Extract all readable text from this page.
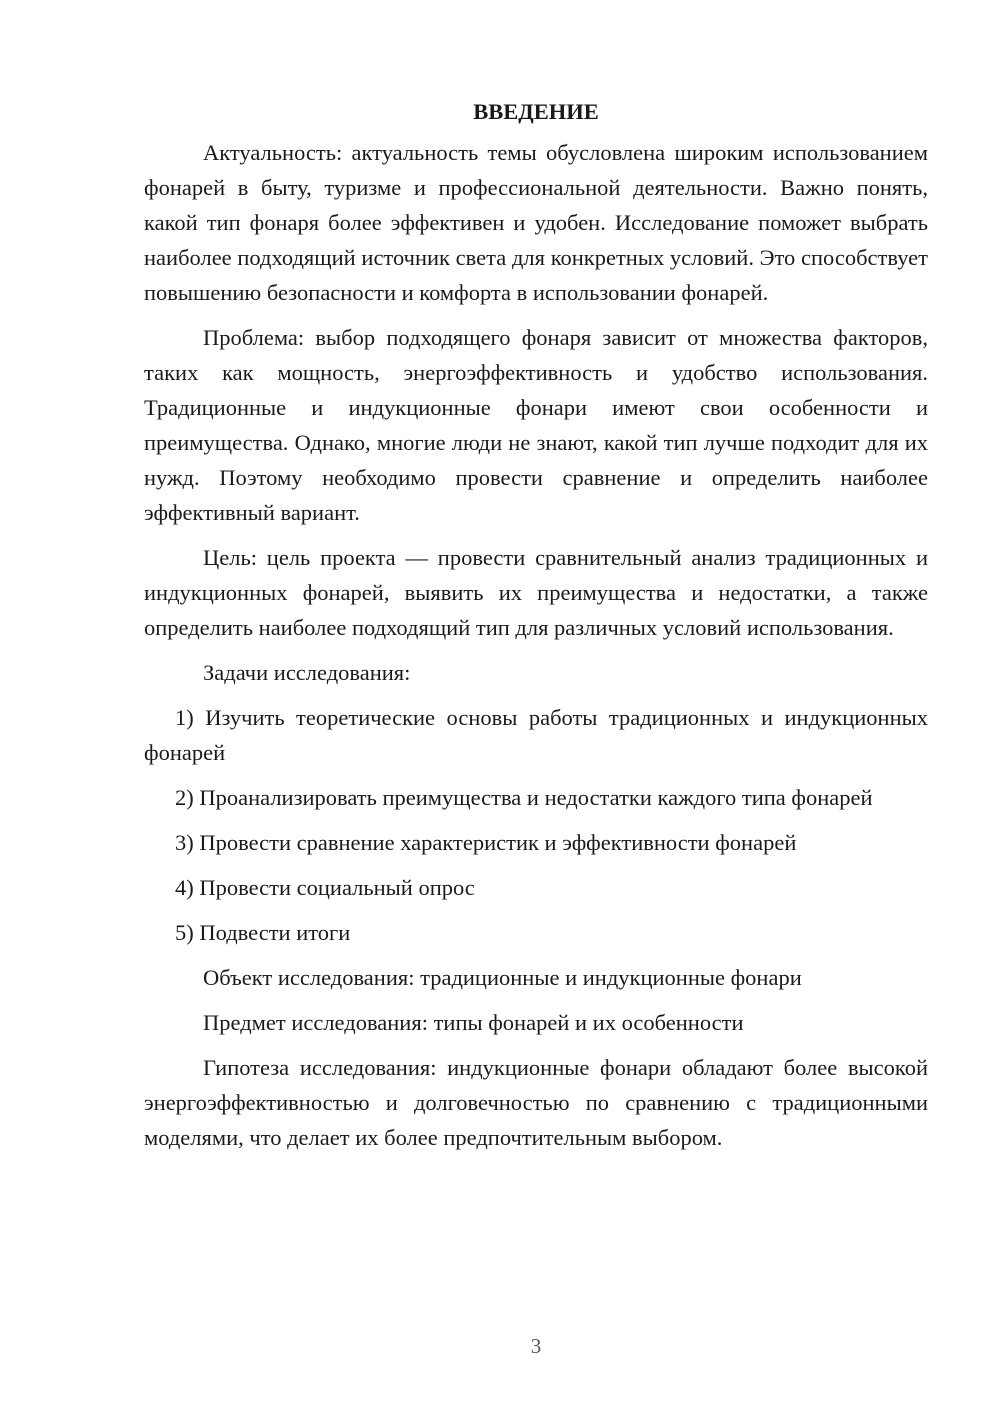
ВВЕДЕНИЕ

Актуальность: актуальность темы обусловлена широким использованием фонарей в быту, туризме и профессиональной деятельности. Важно понять, какой тип фонаря более эффективен и удобен. Исследование поможет выбрать наиболее подходящий источник света для конкретных условий. Это способствует повышению безопасности и комфорта в использовании фонарей.

Проблема: выбор подходящего фонаря зависит от множества факторов, таких как мощность, энергоэффективность и удобство использования. Традиционные и индукционные фонари имеют свои особенности и преимущества. Однако, многие люди не знают, какой тип лучше подходит для их нужд. Поэтому необходимо провести сравнение и определить наиболее эффективный вариант.

Цель: цель проекта — провести сравнительный анализ традиционных и индукционных фонарей, выявить их преимущества и недостатки, а также определить наиболее подходящий тип для различных условий использования.

Задачи исследования:

1) Изучить теоретические основы работы традиционных и индукционных фонарей

2) Проанализировать преимущества и недостатки каждого типа фонарей

3) Провести сравнение характеристик и эффективности фонарей

4) Провести социальный опрос

5) Подвести итоги

Объект исследования: традиционные и индукционные фонари

Предмет исследования: типы фонарей и их особенности

Гипотеза исследования: индукционные фонари обладают более высокой энергоэффективностью и долговечностью по сравнению с традиционными моделями, что делает их более предпочтительным выбором.

3
